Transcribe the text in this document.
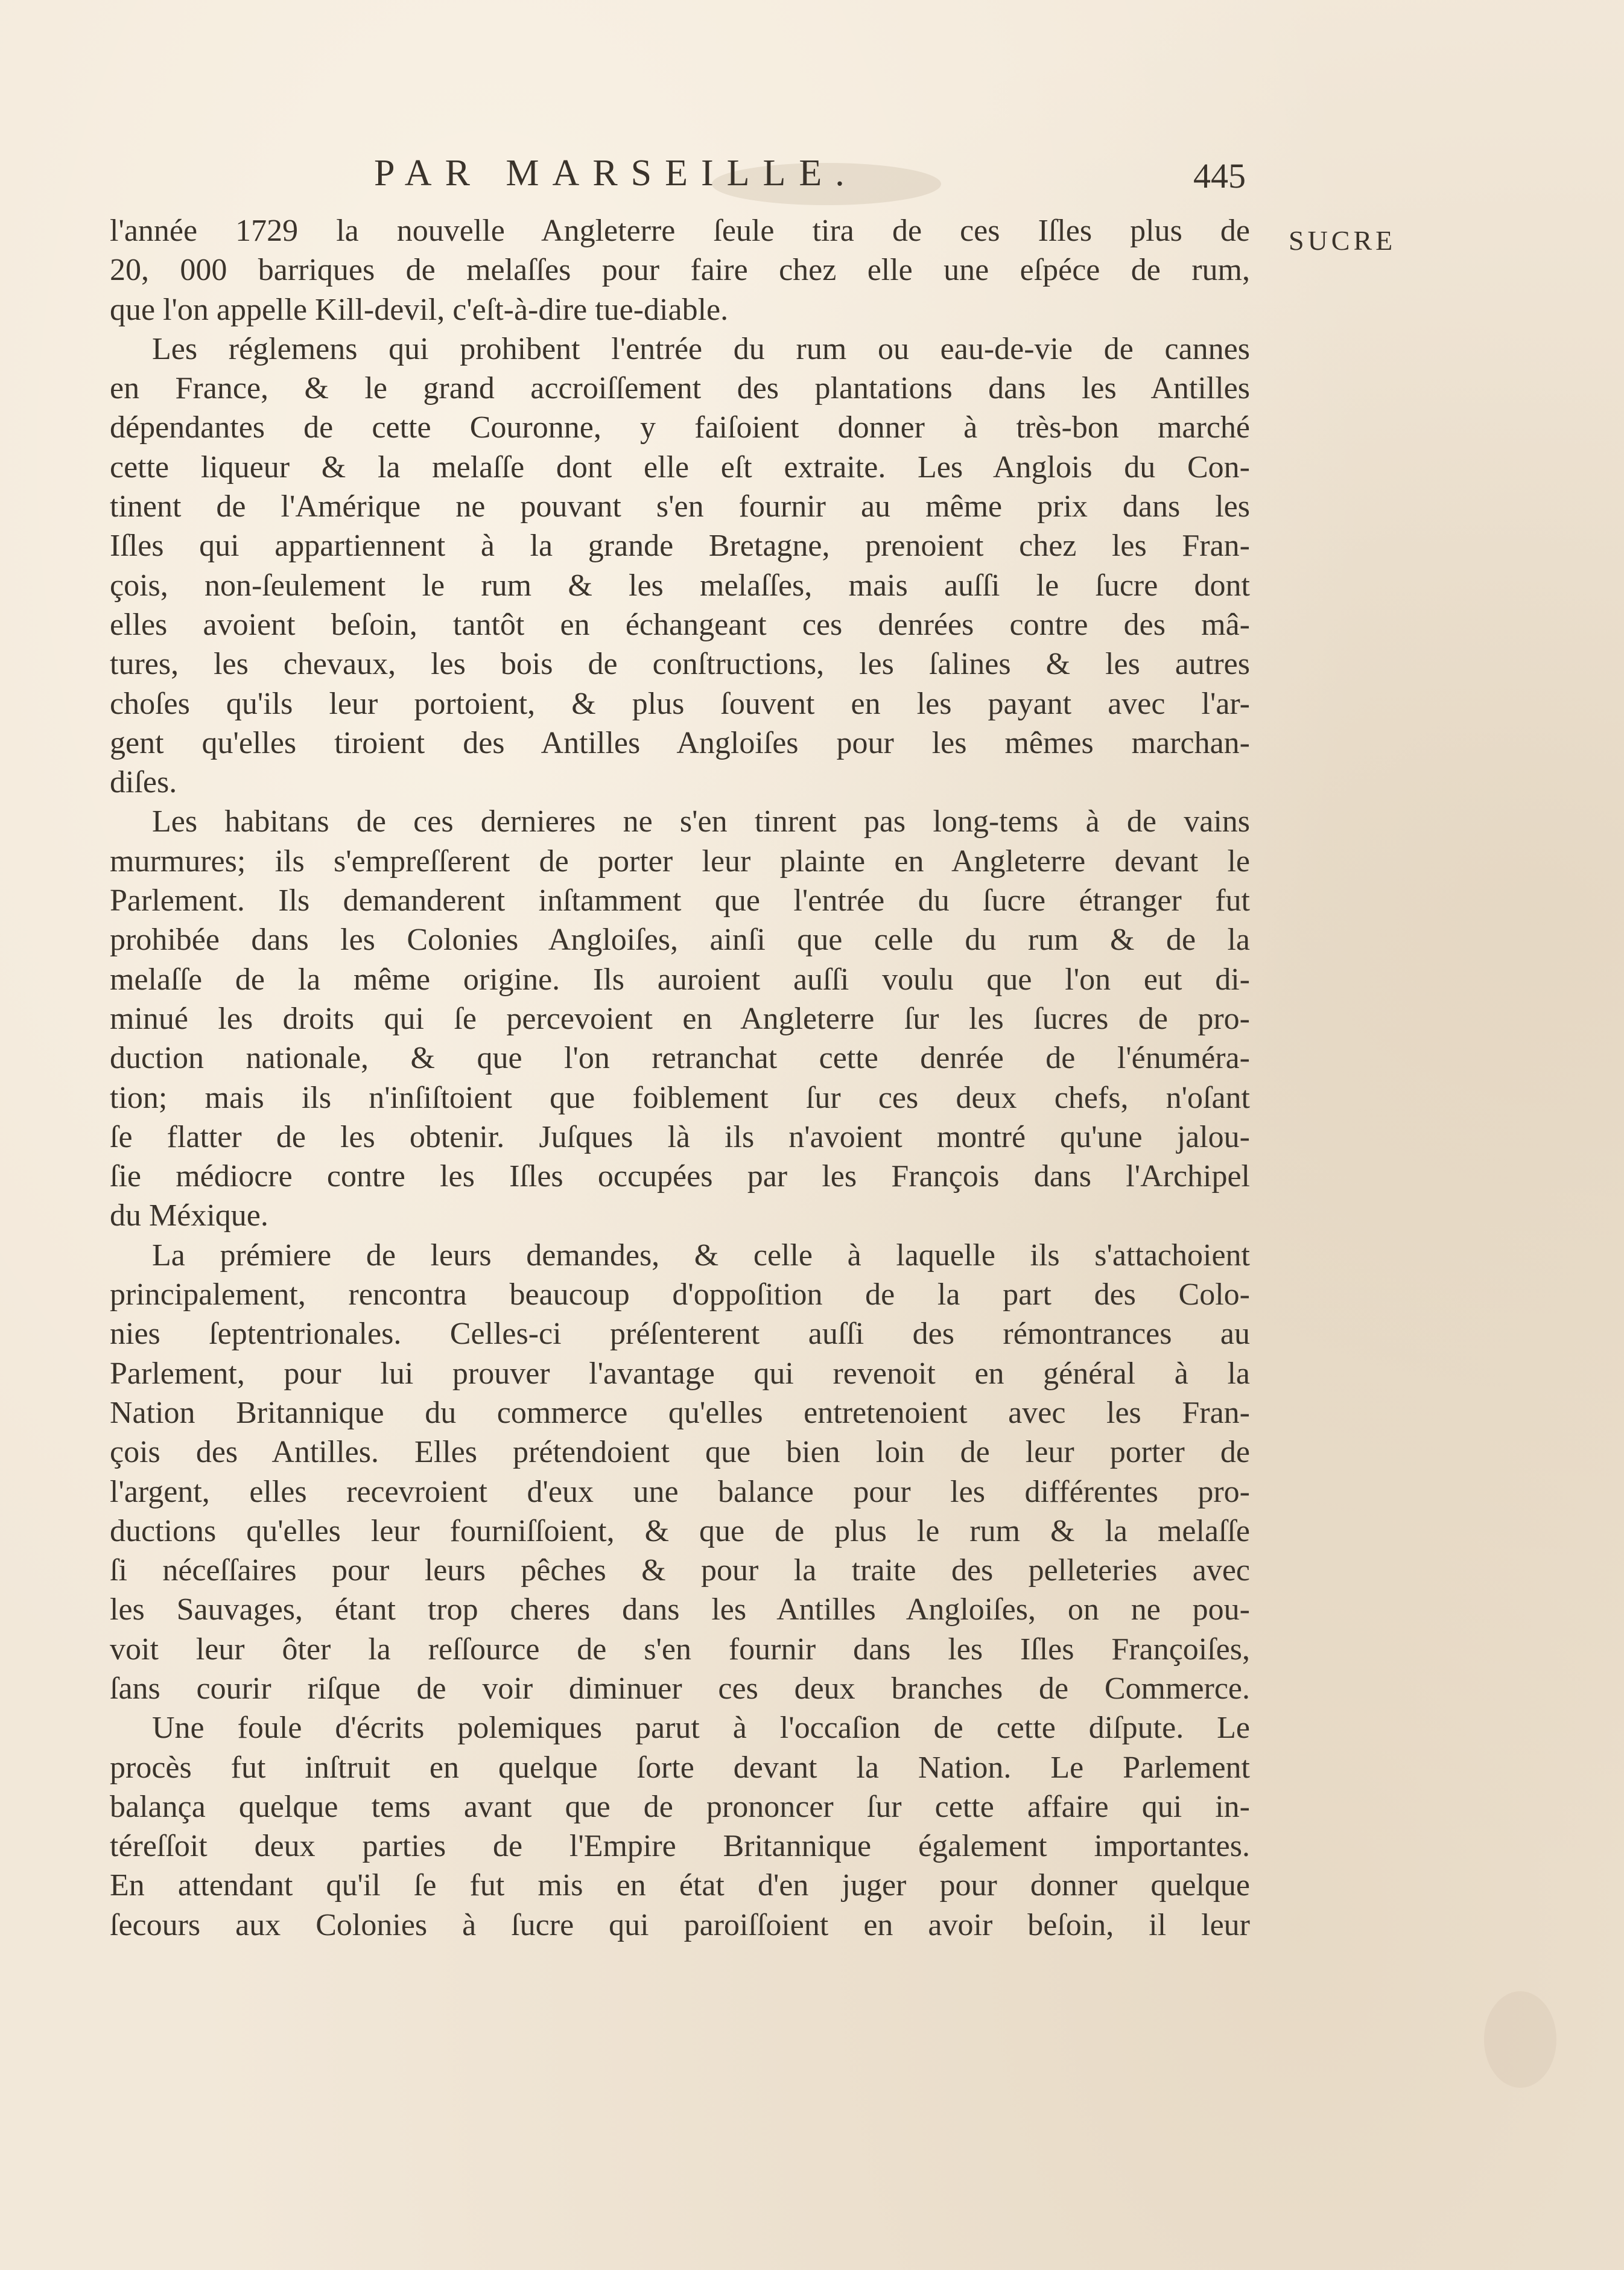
PAR MARSEILLE.	445
SUCRE
l'année 1729 la nouvelle Angleterre ſeule tira de ces Iſles plus de
20, 000 barriques de melaſſes pour faire chez elle une eſpéce de rum,
que l'on appelle Kill-devil, c'eſt-à-dire tue-diable.
Les réglemens qui prohibent l'entrée du rum ou eau-de-vie de cannes
en France, & le grand accroiſſement des plantations dans les Antilles
dépendantes de cette Couronne, y faiſoient donner à très-bon marché
cette liqueur & la melaſſe dont elle eſt extraite. Les Anglois du Con-
tinent de l'Amérique ne pouvant s'en fournir au même prix dans les
Iſles qui appartiennent à la grande Bretagne, prenoient chez les Fran-
çois, non-ſeulement le rum & les melaſſes, mais auſſi le ſucre dont
elles avoient beſoin, tantôt en échangeant ces denrées contre des mâ-
tures, les chevaux, les bois de conſtructions, les ſalines & les autres
choſes qu'ils leur portoient, & plus ſouvent en les payant avec l'ar-
gent qu'elles tiroient des Antilles Angloiſes pour les mêmes marchan-
diſes.
Les habitans de ces dernieres ne s'en tinrent pas long-tems à de vains
murmures; ils s'empreſſerent de porter leur plainte en Angleterre devant le
Parlement. Ils demanderent inſtamment que l'entrée du ſucre étranger fut
prohibée dans les Colonies Angloiſes, ainſi que celle du rum & de la
melaſſe de la même origine. Ils auroient auſſi voulu que l'on eut di-
minué les droits qui ſe percevoient en Angleterre ſur les ſucres de pro-
duction nationale, & que l'on retranchat cette denrée de l'énuméra-
tion; mais ils n'inſiſtoient que foiblement ſur ces deux chefs, n'oſant
ſe flatter de les obtenir. Juſques là ils n'avoient montré qu'une jalou-
ſie médiocre contre les Iſles occupées par les François dans l'Archipel
du Méxique.
La prémiere de leurs demandes, & celle à laquelle ils s'attachoient
principalement, rencontra beaucoup d'oppoſition de la part des Colo-
nies ſeptentrionales. Celles-ci préſenterent auſſi des rémontrances au
Parlement, pour lui prouver l'avantage qui revenoit en général à la
Nation Britannique du commerce qu'elles entretenoient avec les Fran-
çois des Antilles. Elles prétendoient que bien loin de leur porter de
l'argent, elles recevroient d'eux une balance pour les différentes pro-
ductions qu'elles leur fourniſſoient, & que de plus le rum & la melaſſe
ſi néceſſaires pour leurs pêches & pour la traite des pelleteries avec
les Sauvages, étant trop cheres dans les Antilles Angloiſes, on ne pou-
voit leur ôter la reſſource de s'en fournir dans les Iſles Françoiſes,
ſans courir riſque de voir diminuer ces deux branches de Commerce.
Une foule d'écrits polemiques parut à l'occaſion de cette diſpute. Le
procès fut inſtruit en quelque ſorte devant la Nation. Le Parlement
balança quelque tems avant que de prononcer ſur cette affaire qui in-
téreſſoit deux parties de l'Empire Britannique également importantes.
En attendant qu'il ſe fut mis en état d'en juger pour donner quelque
ſecours aux Colonies à ſucre qui paroiſſoient en avoir beſoin, il leur
